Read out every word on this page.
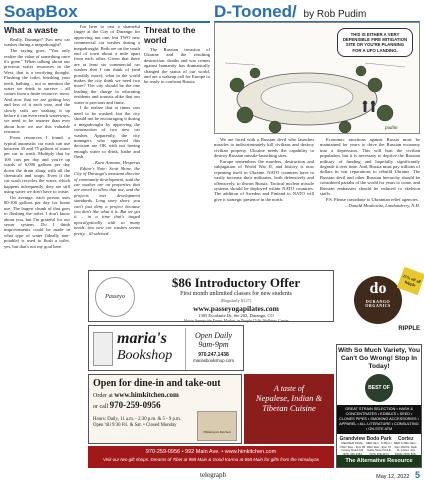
SoapBox	D-Tooned/ by Rob Pudim
What a waste

Really, Durango? Two new car washes during a megadrought?

The saying goes, "You only realize the value of something once it's gone." When talking about our precious water resources in the West, that is a terrifying thought. Flushing the toilet, brushing your teeth, bathing – not to mention the water we drink to survive – all comes from a finite resource: snow. And now that we are getting less and less of it each year, and the slowly soils are soaking it up before it can even reach waterways, we need to be smarter than ever about how we use this valuable resource.

From resources I found, a typical automatic car wash can use between 35 and 75 gallons of water per car to wash. Multiply that by 100 cars per day and you're up wards of 6,000 gallons per day down the drain along with all the chemicals and soaps. Even if the car wash recycles the water, which happens infrequently, they are still using water we don't have to waste.

On average, each person uses 80-100 gallons per day for home use. The largest chunk of that goes to flushing the toilet. I don't know about you, but I'm grateful for our sewer system. Do I think improvements could be made in what type of water (ideally non-potable) is used to flush a toilet, yes, but that's not my goal here.

I'm here to cast a shameful finger at the City of Durango for approving not one, but TWO new commercial car washes during a megadrought. Both are on the south end of town about a mile apart from each other. Given that there are at least six commercial car washes that I can think of (and possibly more), what in the world makes the city think we need two more? The city should be the one leading the charge in educating residents and tourists alike that our water is precious and finite.

I do realize that at times cars need to be washed, but the city should not be encouraging it during a megadrought by approving the construction of two new car washes. Apparently, the city managers who approved this decision are OK with not having enough water to drink, bathe and flush.

– Kara Armano, Hesperus

Editor's Note: Scott Shine, the City of Durango's assistant director of community development, said the car washes are on properties that are zoned to allow that use, and the projects met development standards. Long story short: you can't just deny a project because you don't like what it is. But we get it – in a time that's tinged apocalyptically with so many needs, two new car washes seems pretty... ill-advised.

Threat to the world

The Russian invasion of Ukraine and the resulting destruction, deaths and war crimes against humanity has dramatically changed the status of our world, and are a wakeup call for Europe to be ready to confront Russia.

pudim
THIS IS EITHER A VERY DEFENSIBLE FIRE MITIGATION SITE OR YOU'RE PLANNING FOR A UFO LANDING.

We are faced with a Russian devil who launches missiles to indiscriminately kill civilians and destroy civilian property. Ukraine needs the capability to destroy Russian missile-launching sites.

Europe remembers the murders, destruction and subjugation of World War II, and history is now repeating itself in Ukraine. NATO countries have to vastly increase their militaries, both defensively and offensively, to thwart Russia. Tactical nuclear missile systems should be deployed within NATO countries. The addition of Sweden and Finland to NATO will give it strategic presence in the north.

Economic sanctions against Russia must be maintained for years to drive the Russian economy into a depression. This will hurt the civilian population, but it is necessary to deprive the Russian military of funding and hopefully significantly degrade it over time. And, Russia must pay trillions of dollars in war reparations to rebuild Ukraine. The Russian devil and other Russian hierarchy should be considered pariahs of the world for years to come, and Russian embassies should be reduced to skeleton staffs.

P.S. Please contribute to Ukrainian relief agencies.

– Donald Moskowitz, Londonderry, N.H.

Passeyo
$86 Introductory Offer
First month unlimited classes for new students
(Regularly $127)
www.passeyogapilates.com
1305 Escalante Dr, Ste 202, Durango, CO
Above Sunnyside Farms Market, in Purple Cliffs Wellness Center
maria's
Bookshop
Open Daily
9am-9pm
970.247.1438
mariasbookshop.com
Open for dine-in and take-out
Order at www.himkitchen.com
or call 970-259-0956
Hours: Daily, 11 a.m. - 2:30 p.m. & 5 - 9 p.m.
Open 'till 9:30 Fri. & Sat. • Closed Monday
Himalayan Kitchen
A taste of
Nepalese, Indian & Tibetan Cuisine
970-259-0956 • 992 Main Ave. • www.himkitchen.com
Visit our two gift shops: Dreams of Tibet at 988 Main & Good Karma at 658 Main for gifts from the Himalayas
do
DURANGO ORGANICS
25% off all Ripple
RIPPLE
With So Much Variety, You Can't Go Wrong! Stop In Today!
BEST OF
GREAT STRAIN SELECTION • HASH & CONCENTRATES • EDIBLES • SEED • CLONES PIPES • SMOKING ACCESSORIES • APPAREL • ALL LITERATURE • CONSULTING • ON-SITE ATM
Grandview
RECREATIONAL ONLY 9am - 9pm 38 County Road 232 (970) 426-4381
Bodo Park
MED 9am - 6:45pm / REC 9am - 9pm 72 Suttle Street Unit E (970) 259-3674
Cortez
MED & REC 9am - 9pm 1810 E. Main St. Cortez, CO 81321 (970) 565-
The Alternative Resource
telegraph	May 12, 2022 5
